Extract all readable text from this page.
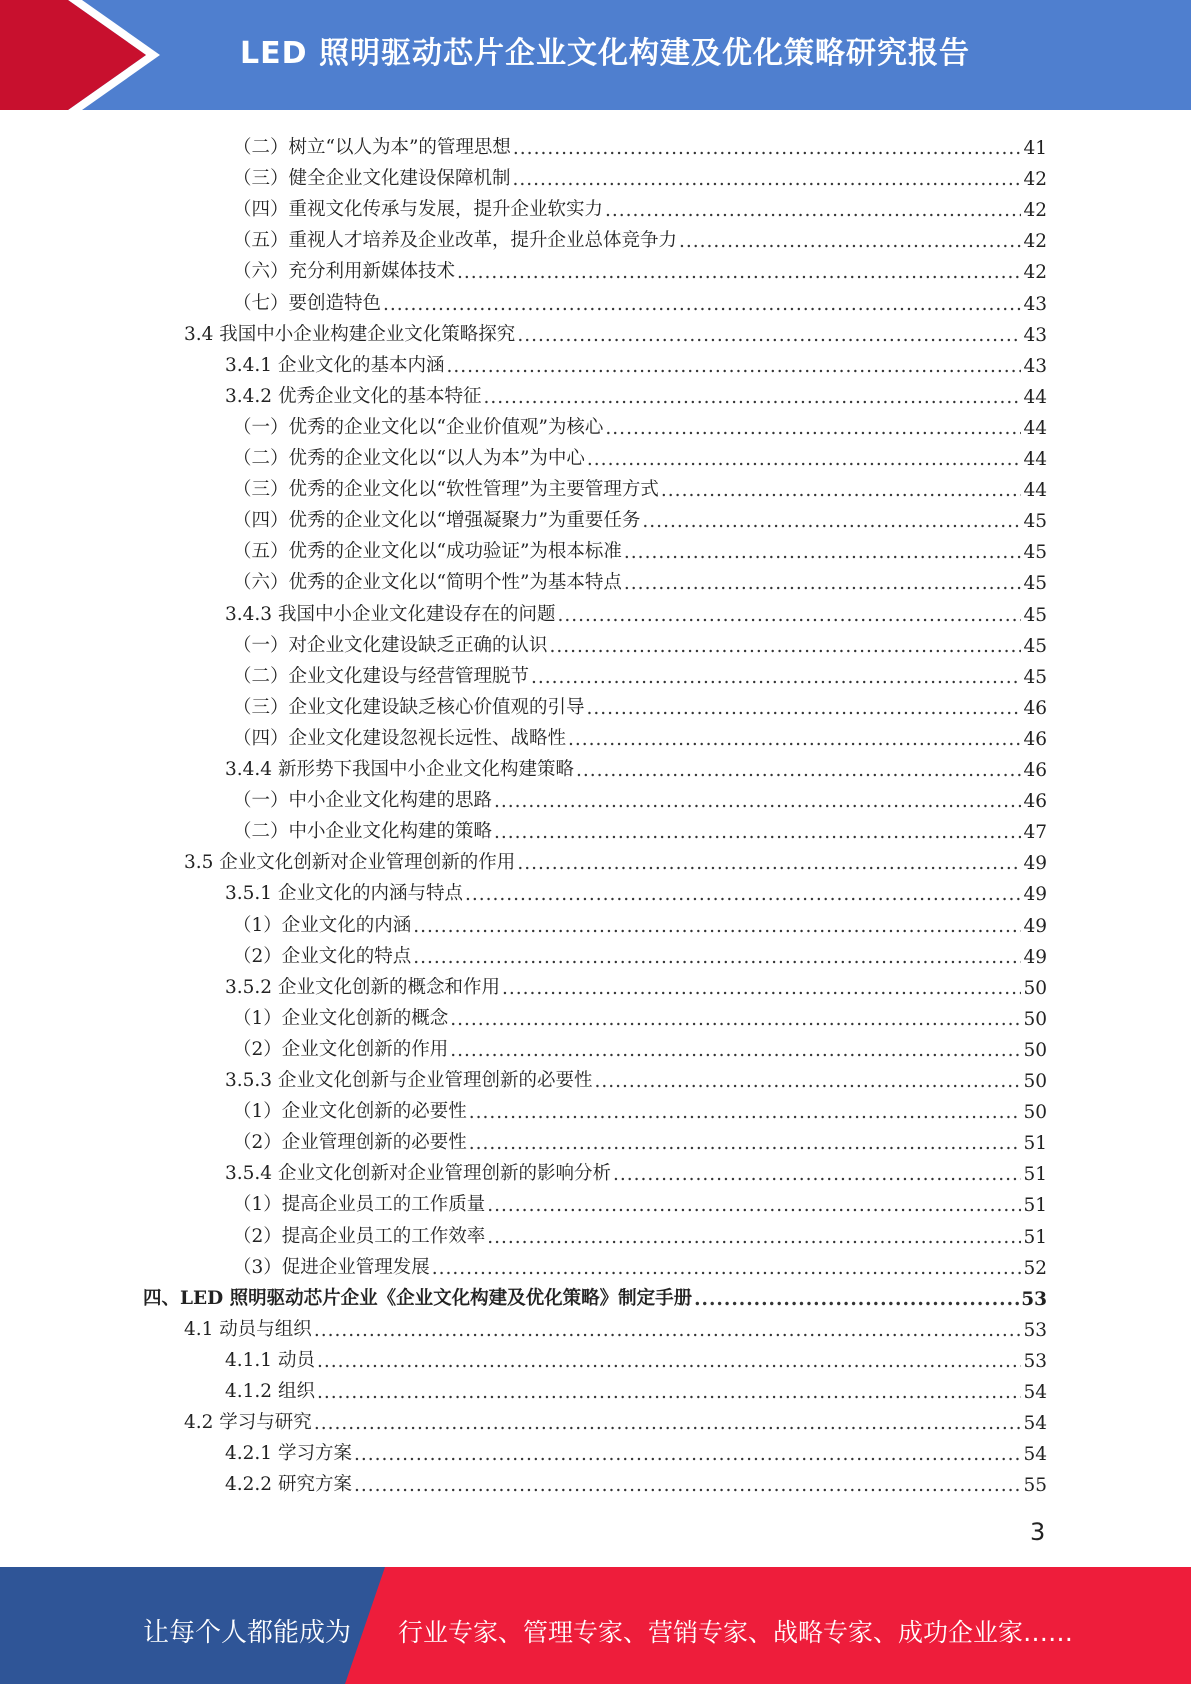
LED 照明驱动芯片企业文化构建及优化策略研究报告
（二）树立“以人为本”的管理思想 .....	41
（三）健全企业文化建设保障机制 .....	42
（四）重视文化传承与发展，提升企业软实力 .....	42
（五）重视人才培养及企业改革，提升企业总体竞争力 .....	42
（六）充分利用新媒体技术 .....	42
（七）要创造特色 .....	43
3.4 我国中小企业构建企业文化策略探究 .....	43
3.4.1 企业文化的基本内涵 .....	43
3.4.2 优秀企业文化的基本特征 .....	44
（一）优秀的企业文化以“企业价值观”为核心 .....	44
（二）优秀的企业文化以“以人为本”为中心 .....	44
（三）优秀的企业文化以“软性管理”为主要管理方式 .....	44
（四）优秀的企业文化以“增强凝聚力”为重要任务 .....	45
（五）优秀的企业文化以“成功验证”为根本标准 .....	45
（六）优秀的企业文化以“简明个性”为基本特点 .....	45
3.4.3 我国中小企业文化建设存在的问题 .....	45
（一）对企业文化建设缺乏正确的认识 .....	45
（二）企业文化建设与经营管理脱节 .....	45
（三）企业文化建设缺乏核心价值观的引导 .....	46
（四）企业文化建设忽视长远性、战略性 .....	46
3.4.4 新形势下我国中小企业文化构建策略 .....	46
（一）中小企业文化构建的思路 .....	46
（二）中小企业文化构建的策略 .....	47
3.5 企业文化创新对企业管理创新的作用 .....	49
3.5.1 企业文化的内涵与特点 .....	49
（1）企业文化的内涵 .....	49
（2）企业文化的特点 .....	49
3.5.2 企业文化创新的概念和作用 .....	50
（1）企业文化创新的概念 .....	50
（2）企业文化创新的作用 .....	50
3.5.3 企业文化创新与企业管理创新的必要性 .....	50
（1）企业文化创新的必要性 .....	50
（2）企业管理创新的必要性 .....	51
3.5.4 企业文化创新对企业管理创新的影响分析 .....	51
（1）提高企业员工的工作质量 .....	51
（2）提高企业员工的工作效率 .....	51
（3）促进企业管理发展 .....	52
四、LED 照明驱动芯片企业《企业文化构建及优化策略》制定手册 .....	53
4.1 动员与组织 .....	53
4.1.1 动员 .....	53
4.1.2 组织 .....	54
4.2 学习与研究 .....	54
4.2.1 学习方案 .....	54
4.2.2 研究方案 .....	55
3
让每个人都能成为 行业专家、管理专家、营销专家、战略专家、成功企业家……
